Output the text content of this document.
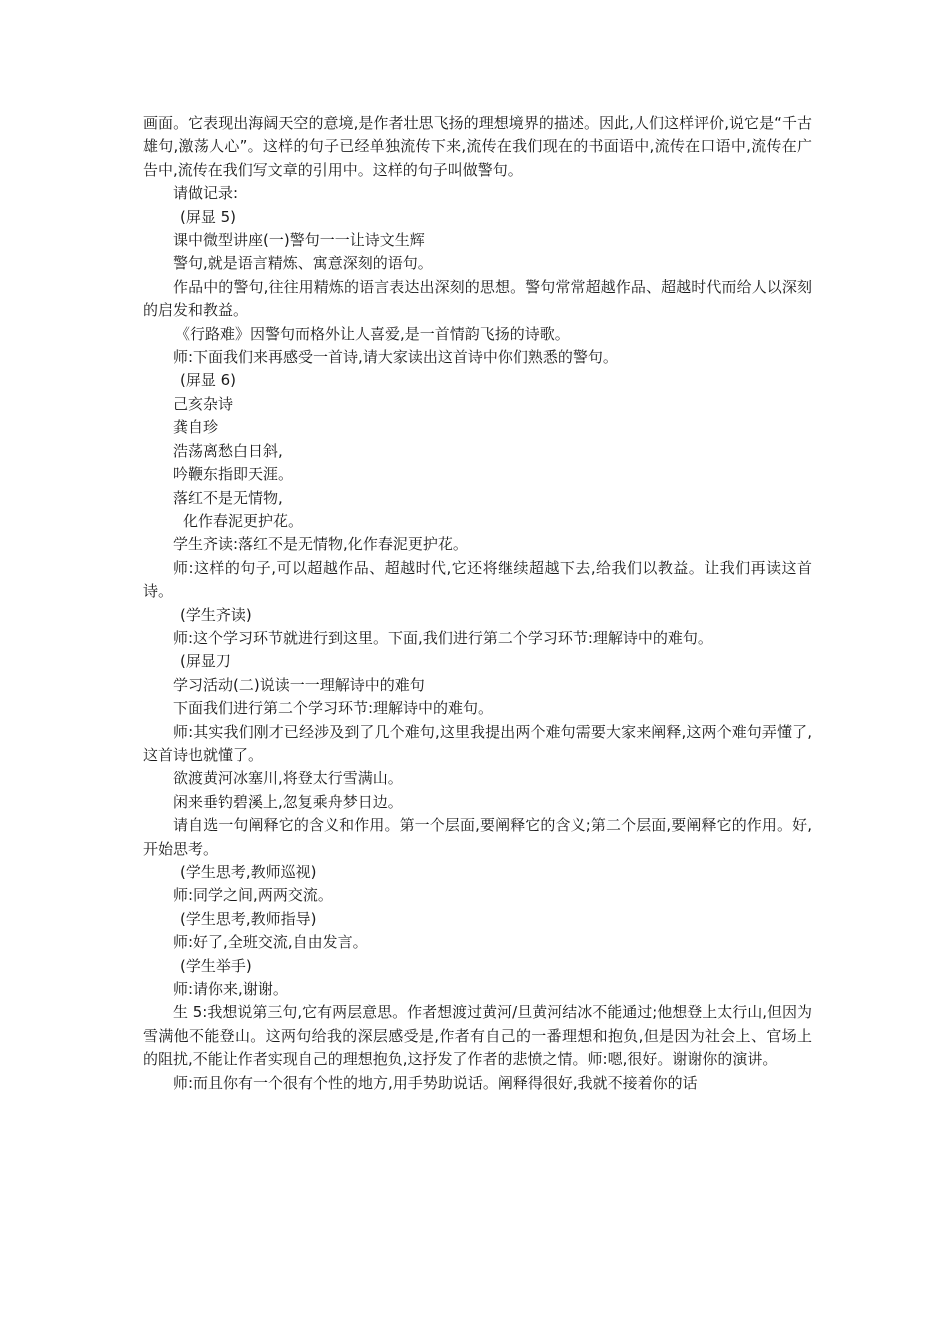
画面。它表现出海阔天空的意境,是作者壮思飞扬的理想境界的描述。因此,人们这样评价,说它是“千古雄句,激荡人心”。这样的句子已经单独流传下来,流传在我们现在的书面语中,流传在口语中,流传在广告中,流传在我们写文章的引用中。这样的句子叫做警句。

请做记录:

(屏显 5)

课中微型讲座(一)警句一一让诗文生辉

警句,就是语言精炼、寓意深刻的语句。

作品中的警句,往往用精炼的语言表达出深刻的思想。警句常常超越作品、超越时代而给人以深刻的启发和教益。

《行路难》因警句而格外让人喜爱,是一首情韵飞扬的诗歌。

师:下面我们来再感受一首诗,请大家读出这首诗中你们熟悉的警句。

(屏显 6)

己亥杂诗

龚自珍

浩荡离愁白日斜,

吟鞭东指即天涯。

落红不是无情物,

化作春泥更护花。

学生齐读:落红不是无情物,化作春泥更护花。

师:这样的句子,可以超越作品、超越时代,它还将继续超越下去,给我们以教益。让我们再读这首诗。

(学生齐读)

师:这个学习环节就进行到这里。下面,我们进行第二个学习环节:理解诗中的难句。

(屏显刀

学习活动(二)说读一一理解诗中的难句

下面我们进行第二个学习环节:理解诗中的难句。

师:其实我们刚才已经涉及到了几个难句,这里我提出两个难句需要大家来阐释,这两个难句弄懂了,这首诗也就懂了。

欲渡黄河冰塞川,将登太行雪满山。

闲来垂钓碧溪上,忽复乘舟梦日边。

请自选一句阐释它的含义和作用。第一个层面,要阐释它的含义;第二个层面,要阐释它的作用。好,开始思考。

(学生思考,教师巡视)

师:同学之间,两两交流。

(学生思考,教师指导)

师:好了,全班交流,自由发言。

(学生举手)

师:请你来,谢谢。

生 5:我想说第三句,它有两层意思。作者想渡过黄河/旦黄河结冰不能通过;他想登上太行山,但因为雪满他不能登山。这两句给我的深层感受是,作者有自己的一番理想和抱负,但是因为社会上、官场上的阻扰,不能让作者实现自己的理想抱负,这抒发了作者的悲愤之情。师:嗯,很好。谢谢你的演讲。

师:而且你有一个很有个性的地方,用手势助说话。阐释得很好,我就不接着你的话
